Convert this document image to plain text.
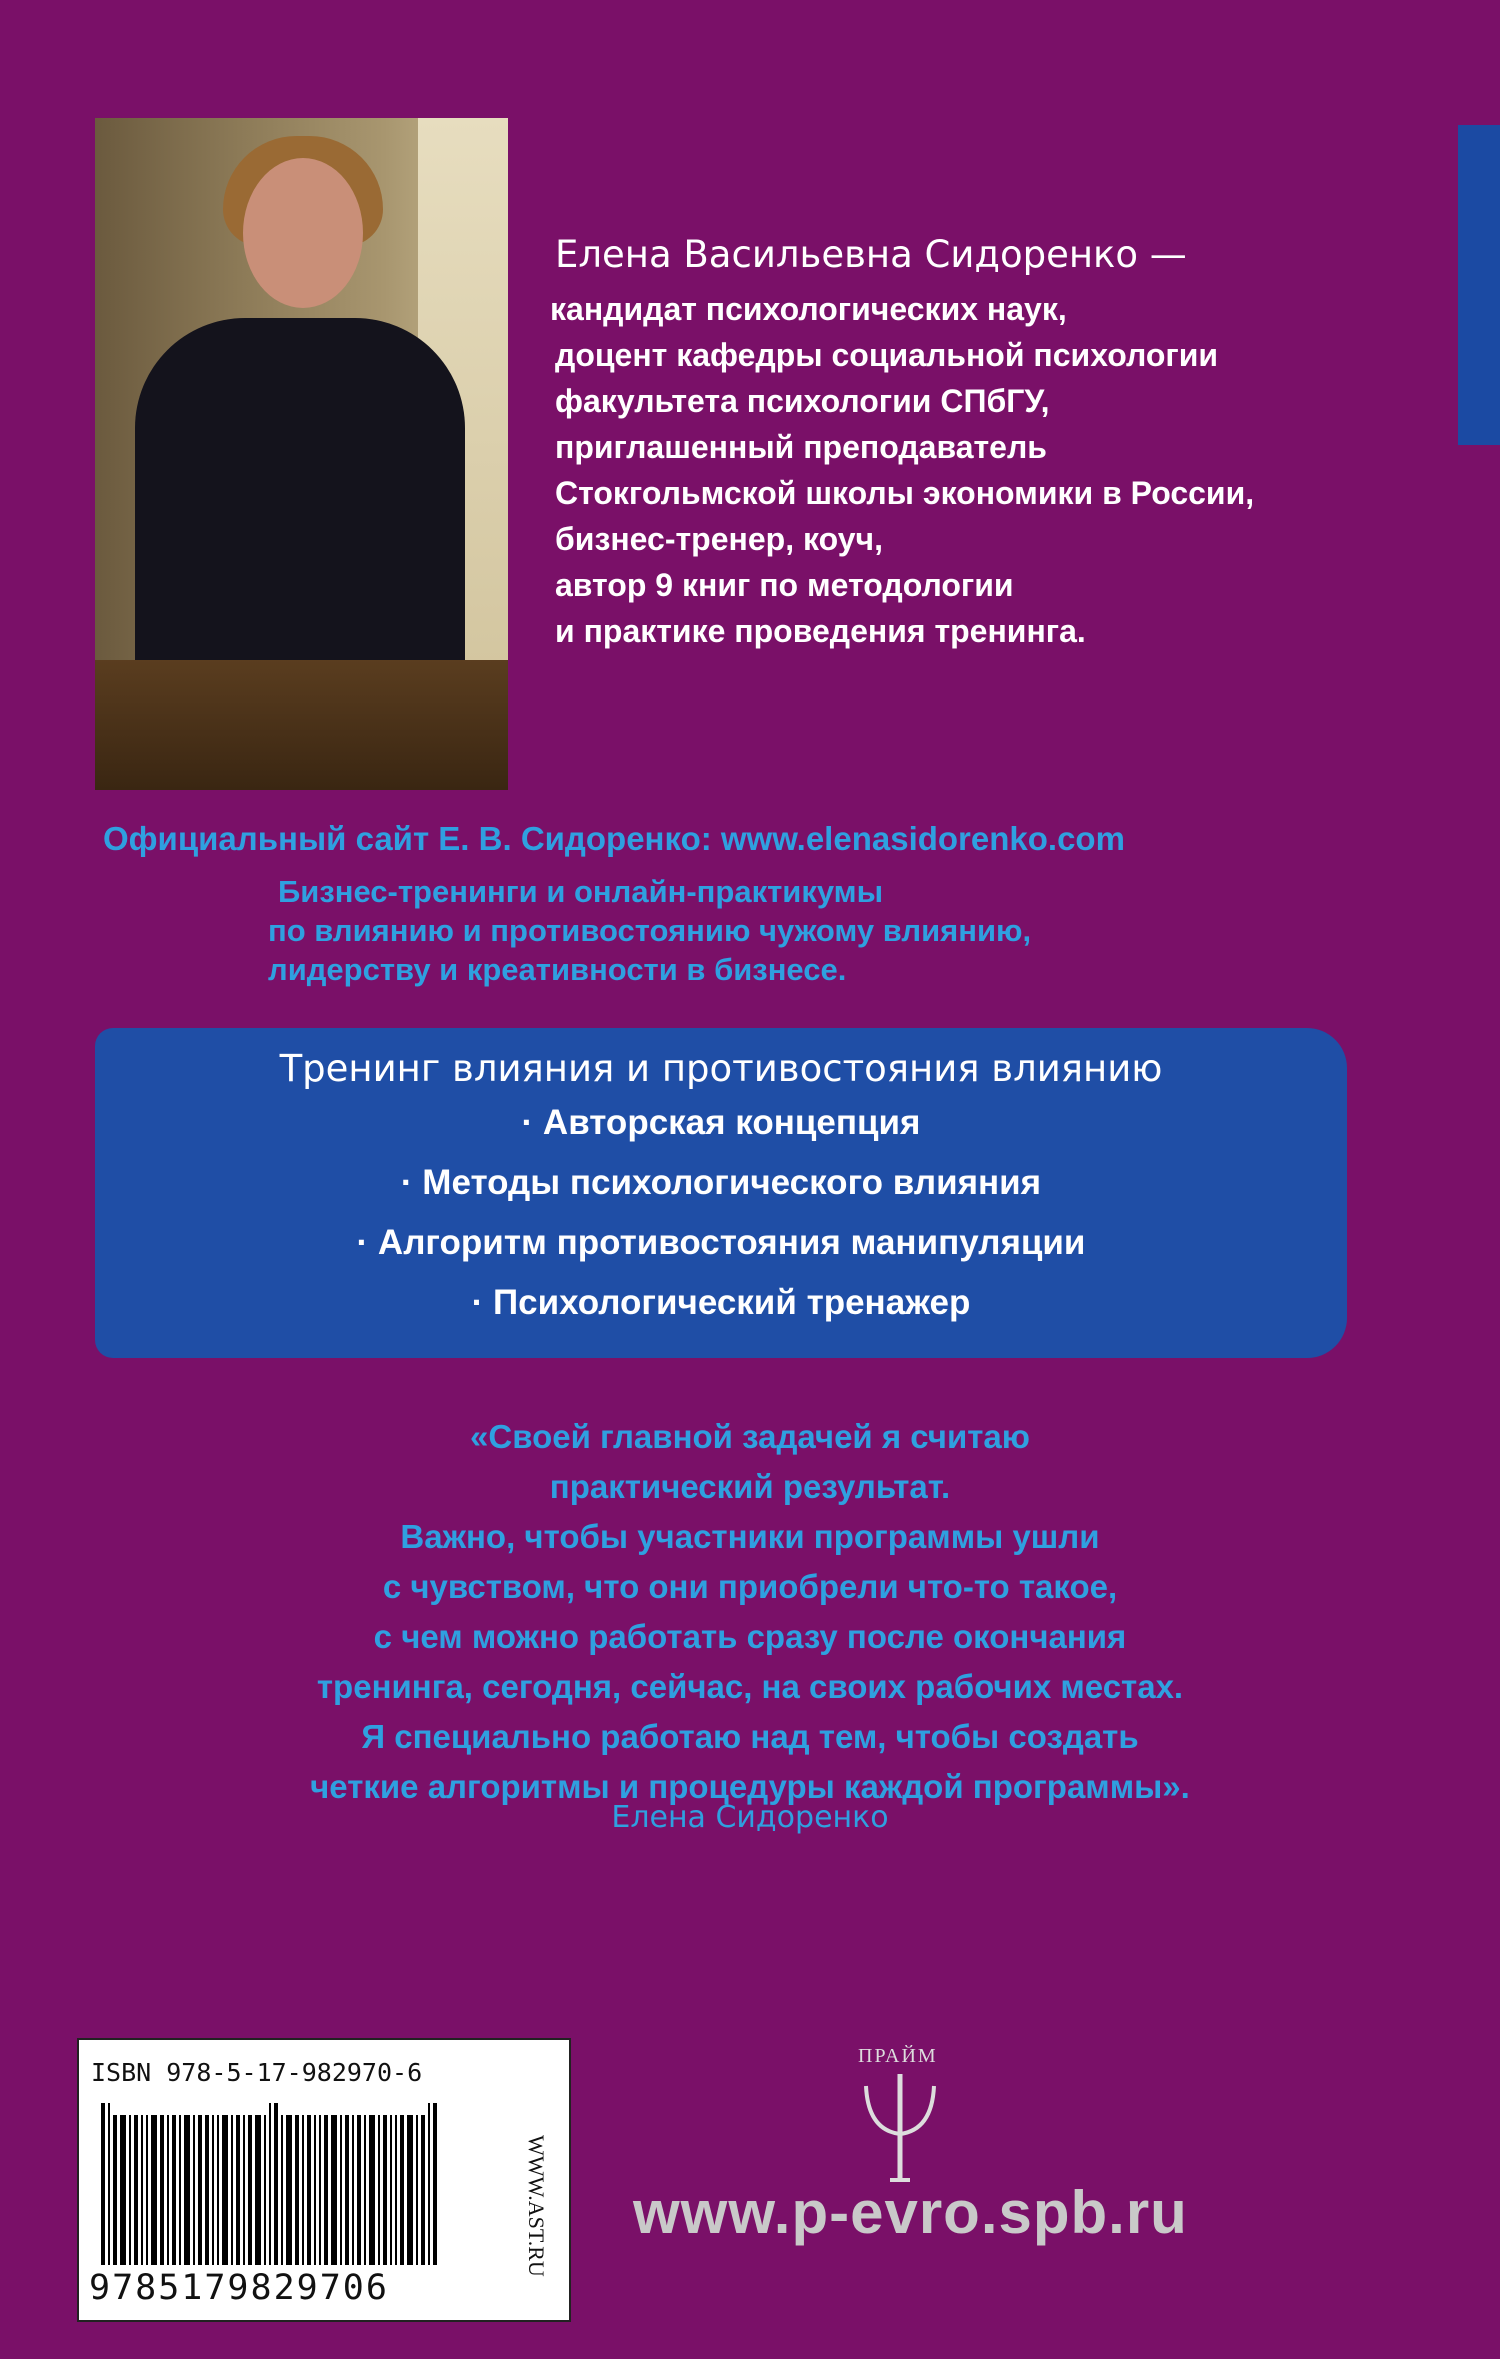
Елена Васильевна Сидоренко —

кандидат психологических наук,

доцент кафедры социальной психологии

факультета психологии СПбГУ,

приглашенный преподаватель

Стокгольмской школы экономики в России,

бизнес-тренер, коуч,

автор 9 книг по методологии

и практике проведения тренинга.

Официальный сайт Е. В. Сидоренко: www.elenasidorenko.com
Бизнес-тренинги и онлайн-практикумы
по влиянию и противостоянию чужому влиянию,
лидерству и креативности в бизнесе.
Тренинг влияния и противостояния влиянию
· Авторская концепция
· Методы психологического влияния
· Алгоритм противостояния манипуляции
· Психологический тренажер
«Своей главной задачей я считаю
практический результат.
Важно, чтобы участники программы ушли
с чувством, что они приобрели что-то такое,
с чем можно работать сразу после окончания
тренинга, сегодня, сейчас, на своих рабочих местах.
Я специально работаю над тем, чтобы создать
четкие алгоритмы и процедуры каждой программы».
Елена Сидоренко
ISBN 978-5-17-982970-6
9785179829706
WWW.AST.RU
ПРАЙМ
www.p-evro.spb.ru
